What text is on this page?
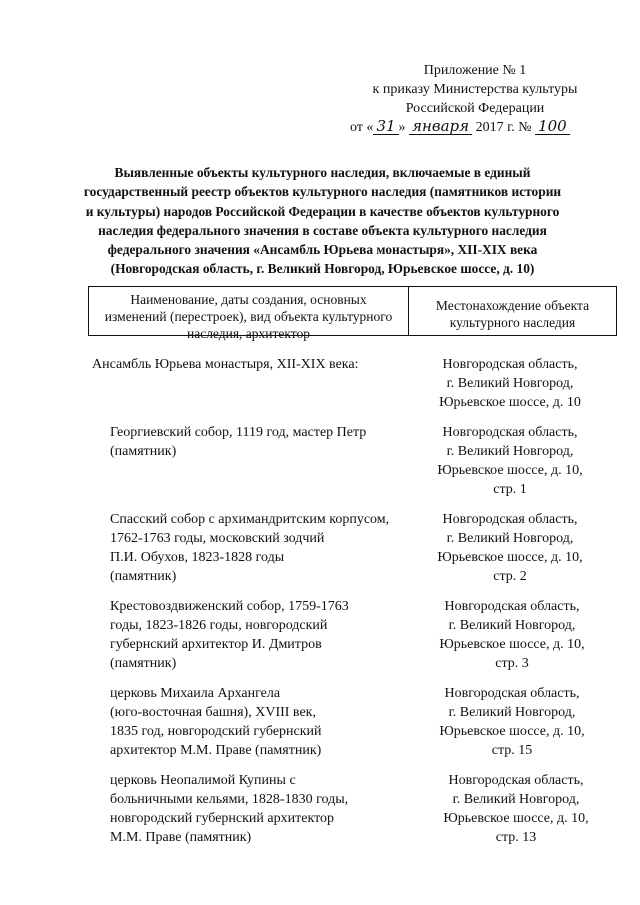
Приложение № 1
к приказу Министерства культуры
Российской Федерации
от « 31 » января 2017 г. № 100
Выявленные объекты культурного наследия, включаемые в единый
государственный реестр объектов культурного наследия (памятников истории
и культуры) народов Российской Федерации в качестве объектов культурного
наследия федерального значения в составе объекта культурного наследия
федерального значения «Ансамбль Юрьева монастыря», XII-XIX века
(Новгородская область, г. Великий Новгород, Юрьевское шоссе, д. 10)
Наименование, даты создания, основных
изменений (перестроек), вид объекта культурного
наследия, архитектор
Местонахождение объекта
культурного наследия
Ансамбль Юрьева монастыря, XII-XIX века:	Новгородская область,
г. Великий Новгород,
Юрьевское шоссе, д. 10
Георгиевский собор, 1119 год, мастер Петр
(памятник)
Новгородская область,
г. Великий Новгород,
Юрьевское шоссе, д. 10,
стр. 1
Спасский собор с архимандритским корпусом,
1762-1763 годы, московский зодчий
П.И. Обухов, 1823-1828 годы
(памятник)
Новгородская область,
г. Великий Новгород,
Юрьевское шоссе, д. 10,
стр. 2
Крестовоздвиженский собор, 1759-1763
годы, 1823-1826 годы, новгородский
губернский архитектор И. Дмитров
(памятник)
Новгородская область,
г. Великий Новгород,
Юрьевское шоссе, д. 10,
стр. 3
церковь Михаила Архангела
(юго-восточная башня), XVIII век,
1835 год, новгородский губернский
архитектор М.М. Праве (памятник)
Новгородская область,
г. Великий Новгород,
Юрьевское шоссе, д. 10,
стр. 15
церковь Неопалимой Купины с
больничными кельями, 1828-1830 годы,
новгородский губернский архитектор
М.М. Праве (памятник)
Новгородская область,
г. Великий Новгород,
Юрьевское шоссе, д. 10,
стр. 13
